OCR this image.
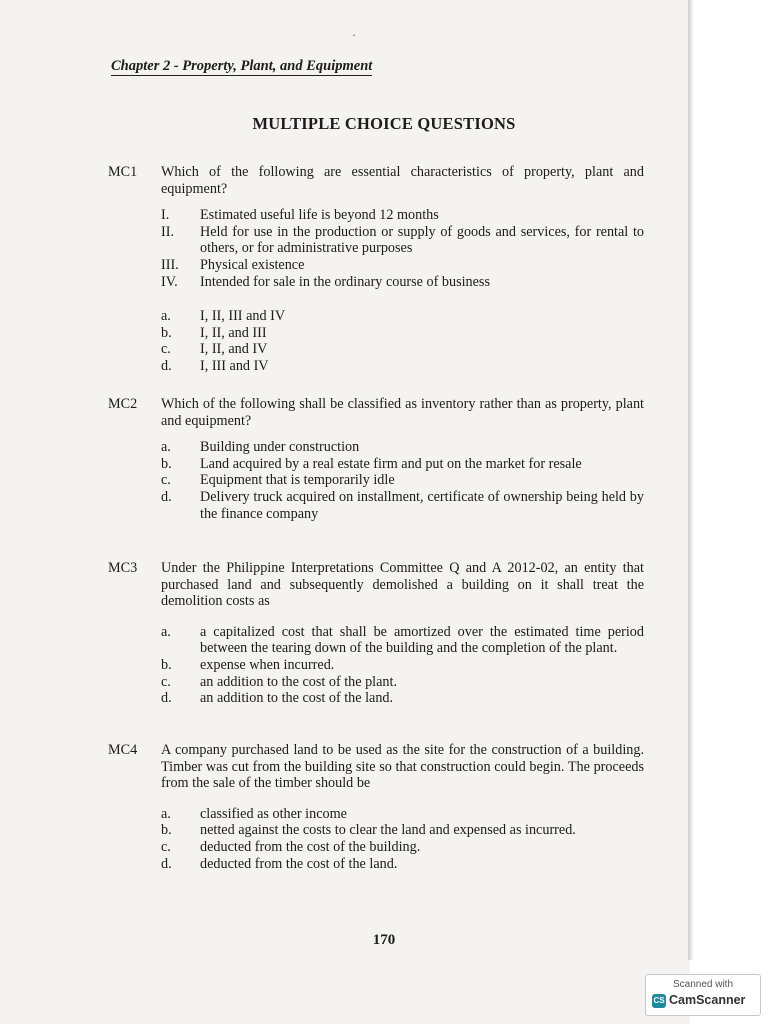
·
Chapter 2 - Property, Plant, and Equipment
MULTIPLE CHOICE QUESTIONS
MC1	Which of the following are essential characteristics of property, plant and equipment?
I.	Estimated useful life is beyond 12 months
II.	Held for use in the production or supply of goods and services, for rental to others, or for administrative purposes
III.	Physical existence
IV.	Intended for sale in the ordinary course of business
a.	I, II, III and IV
b.	I, II, and III
c.	I, II, and IV
d.	I, III and IV
MC2	Which of the following shall be classified as inventory rather than as property, plant and equipment?
a.	Building under construction
b.	Land acquired by a real estate firm and put on the market for resale
c.	Equipment that is temporarily idle
d.	Delivery truck acquired on installment, certificate of ownership being held by the finance company
MC3	Under the Philippine Interpretations Committee Q and A 2012-02, an entity that purchased land and subsequently demolished a building on it shall treat the demolition costs as
a.	a capitalized cost that shall be amortized over the estimated time period between the tearing down of the building and the completion of the plant.
b.	expense when incurred.
c.	an addition to the cost of the plant.
d.	an addition to the cost of the land.
MC4	A company purchased land to be used as the site for the construction of a building. Timber was cut from the building site so that construction could begin. The proceeds from the sale of the timber should be
a.	classified as other income
b.	netted against the costs to clear the land and expensed as incurred.
c.	deducted from the cost of the building.
d.	deducted from the cost of the land.
170
Scanned with
CS CamScanner
